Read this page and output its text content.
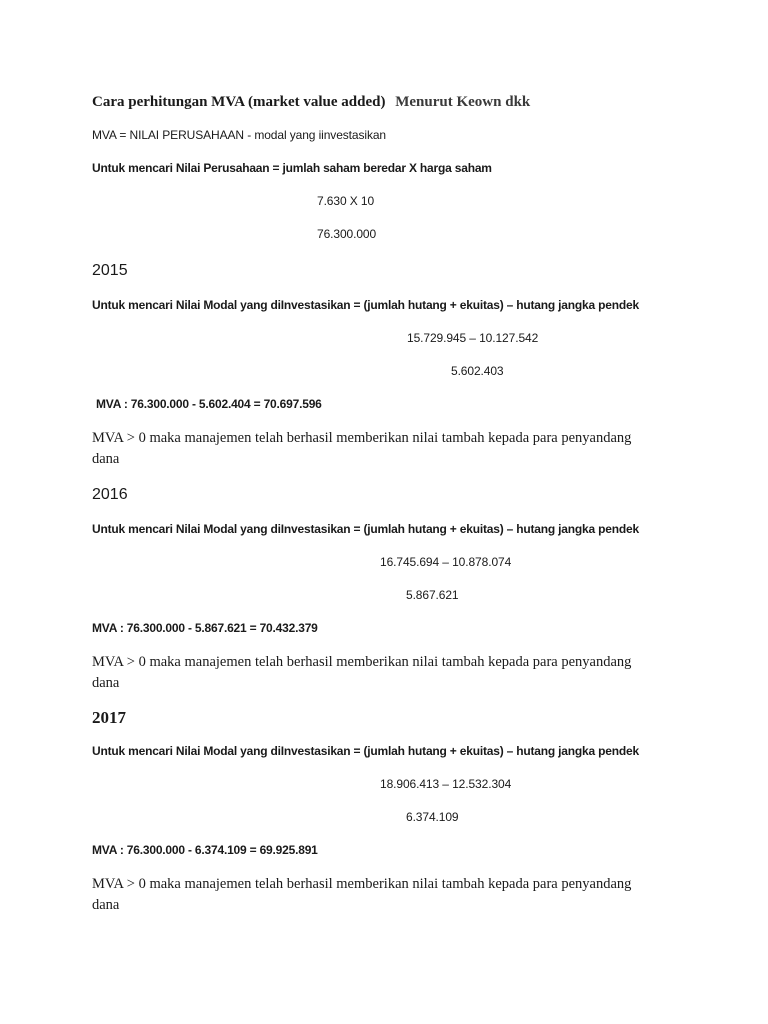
Cara perhitungan MVA (market value added) Menurut Keown dkk
MVA = NILAI PERUSAHAAN - modal yang iinvestasikan
Untuk mencari Nilai Perusahaan = jumlah saham beredar X harga saham
7.630 X 10
76.300.000
2015
Untuk mencari Nilai Modal yang diInvestasikan = (jumlah hutang + ekuitas) – hutang jangka pendek
15.729.945 – 10.127.542
5.602.403
MVA : 76.300.000 - 5.602.404 = 70.697.596
MVA > 0 maka manajemen telah berhasil memberikan nilai tambah kepada para penyandang
dana
2016
Untuk mencari Nilai Modal yang diInvestasikan = (jumlah hutang + ekuitas) – hutang jangka pendek
16.745.694 – 10.878.074
5.867.621
MVA : 76.300.000 - 5.867.621 = 70.432.379
MVA > 0 maka manajemen telah berhasil memberikan nilai tambah kepada para penyandang
dana
2017
Untuk mencari Nilai Modal yang diInvestasikan = (jumlah hutang + ekuitas) – hutang jangka pendek
18.906.413 – 12.532.304
6.374.109
MVA : 76.300.000 - 6.374.109 = 69.925.891
MVA > 0 maka manajemen telah berhasil memberikan nilai tambah kepada para penyandang
dana
